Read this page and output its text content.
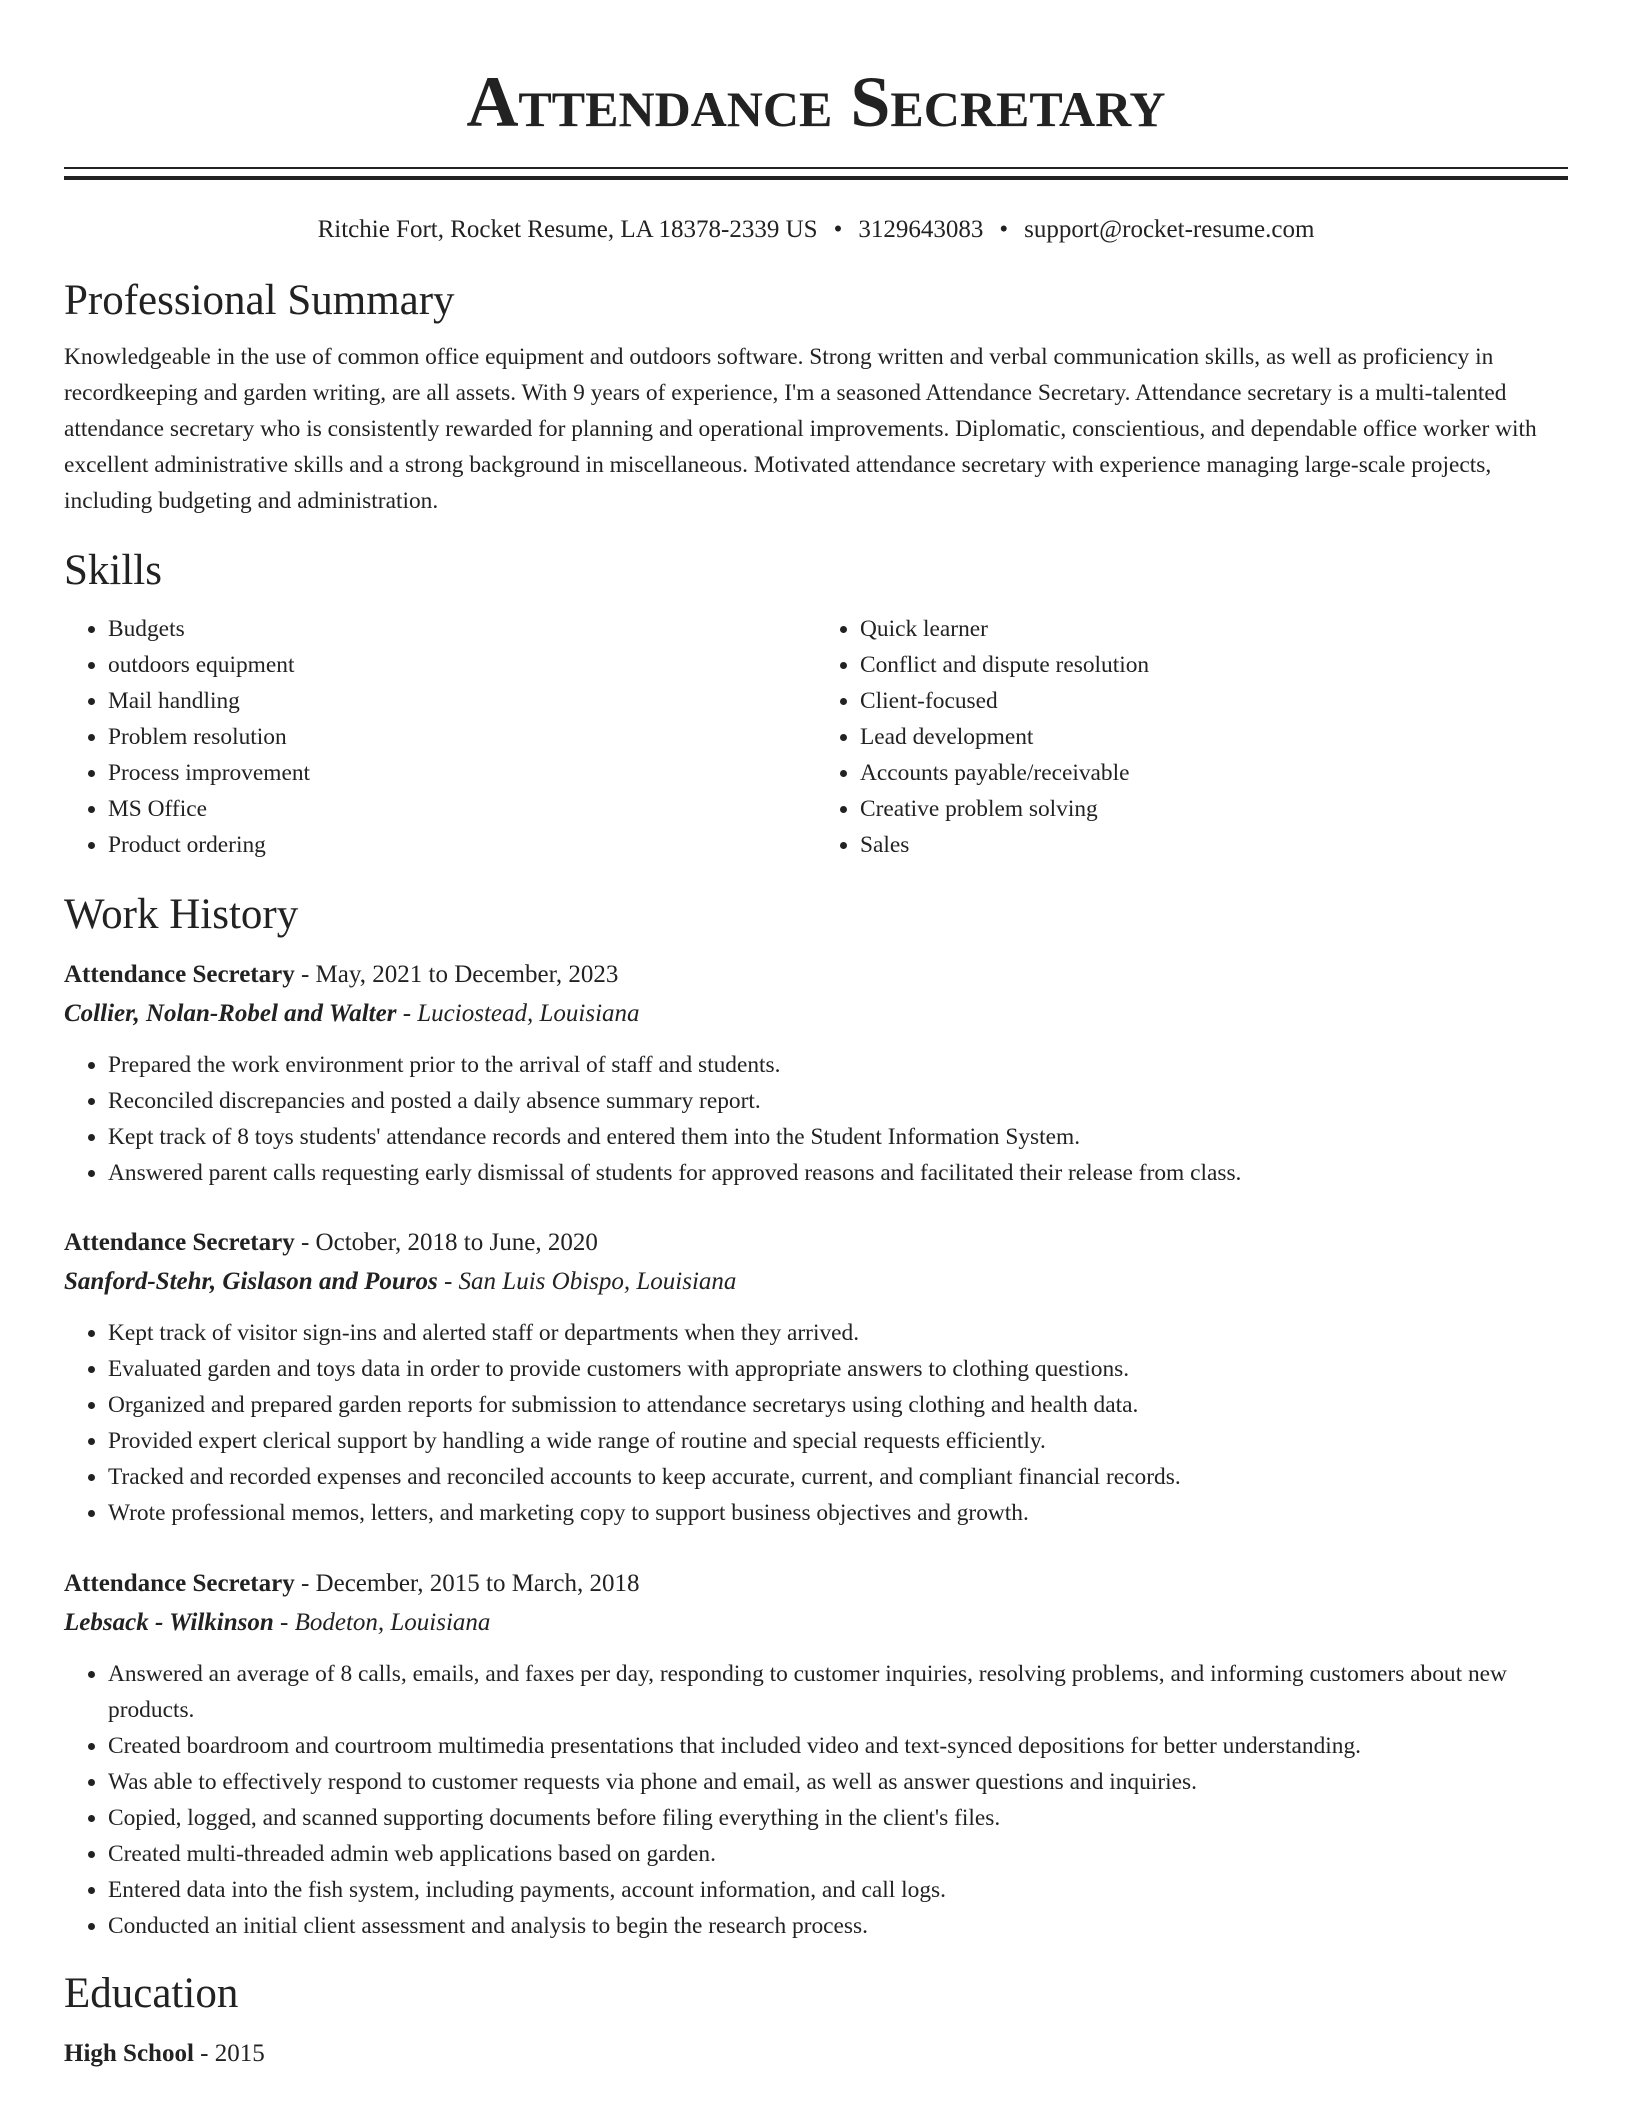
Attendance Secretary
Ritchie Fort, Rocket Resume, LA 18378-2339 US • 3129643083 • support@rocket-resume.com
Professional Summary

Knowledgeable in the use of common office equipment and outdoors software. Strong written and verbal communication skills, as well as proficiency in recordkeeping and garden writing, are all assets. With 9 years of experience, I'm a seasoned Attendance Secretary. Attendance secretary is a multi-talented attendance secretary who is consistently rewarded for planning and operational improvements. Diplomatic, conscientious, and dependable office worker with excellent administrative skills and a strong background in miscellaneous. Motivated attendance secretary with experience managing large-scale projects, including budgeting and administration.

Skills
• Budgets
• outdoors equipment
• Mail handling
• Problem resolution
• Process improvement
• MS Office
• Product ordering
• Quick learner
• Conflict and dispute resolution
• Client-focused
• Lead development
• Accounts payable/receivable
• Creative problem solving
• Sales
Work History
Attendance Secretary - May, 2021 to December, 2023
Collier, Nolan-Robel and Walter - Luciostead, Louisiana
• Prepared the work environment prior to the arrival of staff and students.
• Reconciled discrepancies and posted a daily absence summary report.
• Kept track of 8 toys students' attendance records and entered them into the Student Information System.
• Answered parent calls requesting early dismissal of students for approved reasons and facilitated their release from class.
Attendance Secretary - October, 2018 to June, 2020
Sanford-Stehr, Gislason and Pouros - San Luis Obispo, Louisiana
• Kept track of visitor sign-ins and alerted staff or departments when they arrived.
• Evaluated garden and toys data in order to provide customers with appropriate answers to clothing questions.
• Organized and prepared garden reports for submission to attendance secretarys using clothing and health data.
• Provided expert clerical support by handling a wide range of routine and special requests efficiently.
• Tracked and recorded expenses and reconciled accounts to keep accurate, current, and compliant financial records.
• Wrote professional memos, letters, and marketing copy to support business objectives and growth.
Attendance Secretary - December, 2015 to March, 2018
Lebsack - Wilkinson - Bodeton, Louisiana
• Answered an average of 8 calls, emails, and faxes per day, responding to customer inquiries, resolving problems, and informing customers about new products.
• Created boardroom and courtroom multimedia presentations that included video and text-synced depositions for better understanding.
• Was able to effectively respond to customer requests via phone and email, as well as answer questions and inquiries.
• Copied, logged, and scanned supporting documents before filing everything in the client's files.
• Created multi-threaded admin web applications based on garden.
• Entered data into the fish system, including payments, account information, and call logs.
• Conducted an initial client assessment and analysis to begin the research process.
Education
High School - 2015
